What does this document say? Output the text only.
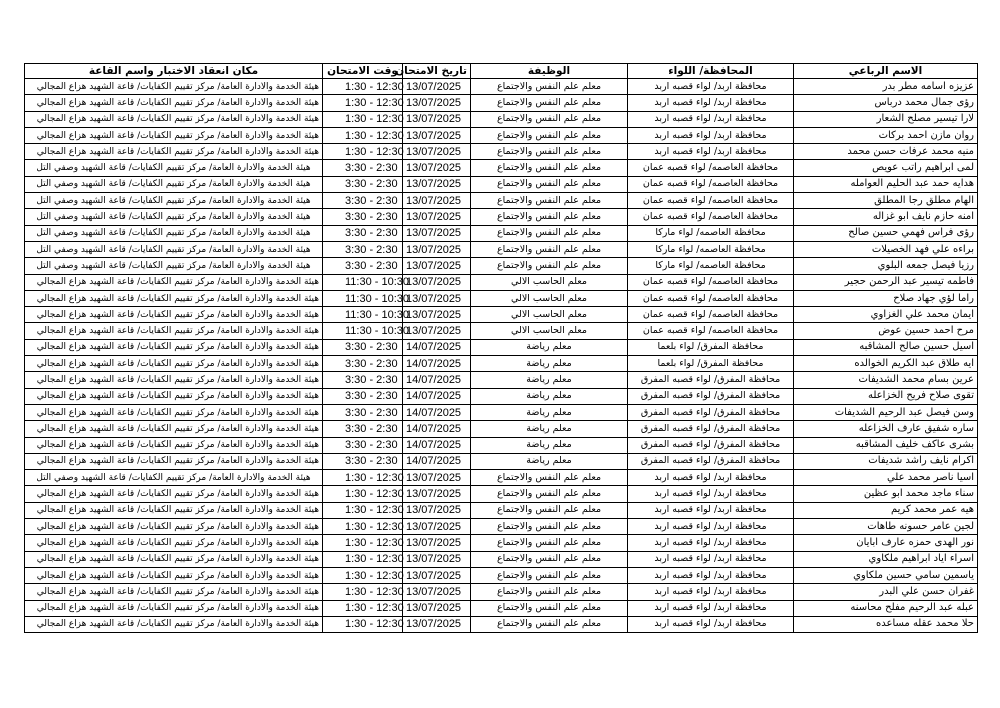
الاسم الرباعي	المحافظة/ اللواء	الوظيفة	تاريخ الامتحان	وقت الامتحان	مكان انعقاد الاختبار واسم القاعة
عزيزه اسامه مطر بدر	محافظة اربد/ لواء قصبه اربد	معلم علم النفس والاجتماع	13/07/2025	1:30 - 12:30	هيئة الخدمة والادارة العامة/ مركز تقييم الكفايات/ قاعة الشهيد هزاع المجالي
رؤى جمال محمد درباس	محافظة اربد/ لواء قصبه اربد	معلم علم النفس والاجتماع	13/07/2025	1:30 - 12:30	هيئة الخدمة والادارة العامة/ مركز تقييم الكفايات/ قاعة الشهيد هزاع المجالي
لارا تيسير مصلح الشعار	محافظة اربد/ لواء قصبه اربد	معلم علم النفس والاجتماع	13/07/2025	1:30 - 12:30	هيئة الخدمة والادارة العامة/ مركز تقييم الكفايات/ قاعة الشهيد هزاع المجالي
روان مازن احمد بركات	محافظة اربد/ لواء قصبه اربد	معلم علم النفس والاجتماع	13/07/2025	1:30 - 12:30	هيئة الخدمة والادارة العامة/ مركز تقييم الكفايات/ قاعة الشهيد هزاع المجالي
منيه محمد عرفات حسن محمد	محافظة اربد/ لواء قصبه اربد	معلم علم النفس والاجتماع	13/07/2025	1:30 - 12:30	هيئة الخدمة والادارة العامة/ مركز تقييم الكفايات/ قاعة الشهيد هزاع المجالي
لمى ابراهيم راتب عويص	محافظة العاصمه/ لواء قصبه عمان	معلم علم النفس والاجتماع	13/07/2025	3:30 - 2:30	هيئة الخدمة والادارة العامة/ مركز تقييم الكفايات/ قاعة الشهيد وصفي التل
هدايه حمد عبد الحليم العوامله	محافظة العاصمه/ لواء قصبه عمان	معلم علم النفس والاجتماع	13/07/2025	3:30 - 2:30	هيئة الخدمة والادارة العامة/ مركز تقييم الكفايات/ قاعة الشهيد وصفي التل
الهام مطلق رجا المطلق	محافظة العاصمه/ لواء قصبه عمان	معلم علم النفس والاجتماع	13/07/2025	3:30 - 2:30	هيئة الخدمة والادارة العامة/ مركز تقييم الكفايات/ قاعة الشهيد وصفي التل
امنه حازم نايف ابو غزاله	محافظة العاصمه/ لواء قصبه عمان	معلم علم النفس والاجتماع	13/07/2025	3:30 - 2:30	هيئة الخدمة والادارة العامة/ مركز تقييم الكفايات/ قاعة الشهيد وصفي التل
رؤى فراس فهمي حسين صالح	محافظة العاصمه/ لواء ماركا	معلم علم النفس والاجتماع	13/07/2025	3:30 - 2:30	هيئة الخدمة والادارة العامة/ مركز تقييم الكفايات/ قاعة الشهيد وصفي التل
براءه علي فهد الخصيلات	محافظة العاصمه/ لواء ماركا	معلم علم النفس والاجتماع	13/07/2025	3:30 - 2:30	هيئة الخدمة والادارة العامة/ مركز تقييم الكفايات/ قاعة الشهيد وصفي التل
رزيا فيصل جمعه البلوي	محافظة العاصمه/ لواء ماركا	معلم علم النفس والاجتماع	13/07/2025	3:30 - 2:30	هيئة الخدمة والادارة العامة/ مركز تقييم الكفايات/ قاعة الشهيد وصفي التل
فاطمه تيسير عبد الرحمن حجير	محافظة العاصمه/ لواء قصبه عمان	معلم الحاسب الالي	13/07/2025	11:30 - 10:30	هيئة الخدمة والادارة العامة/ مركز تقييم الكفايات/ قاعة الشهيد هزاع المجالي
راما لؤي جهاد صلاح	محافظة العاصمه/ لواء قصبه عمان	معلم الحاسب الالي	13/07/2025	11:30 - 10:30	هيئة الخدمة والادارة العامة/ مركز تقييم الكفايات/ قاعة الشهيد هزاع المجالي
ايمان محمد علي الغزاوي	محافظة العاصمه/ لواء قصبه عمان	معلم الحاسب الالي	13/07/2025	11:30 - 10:30	هيئة الخدمة والادارة العامة/ مركز تقييم الكفايات/ قاعة الشهيد هزاع المجالي
مرح احمد حسين عوض	محافظة العاصمه/ لواء قصبه عمان	معلم الحاسب الالي	13/07/2025	11:30 - 10:30	هيئة الخدمة والادارة العامة/ مركز تقييم الكفايات/ قاعة الشهيد هزاع المجالي
اسيل حسين صالح المشاقبه	محافظة المفرق/ لواء بلعما	معلم رياضة	14/07/2025	3:30 - 2:30	هيئة الخدمة والادارة العامة/ مركز تقييم الكفايات/ قاعة الشهيد هزاع المجالي
ايه طلاق عبد الكريم الخوالده	محافظة المفرق/ لواء بلعما	معلم رياضة	14/07/2025	3:30 - 2:30	هيئة الخدمة والادارة العامة/ مركز تقييم الكفايات/ قاعة الشهيد هزاع المجالي
عرين بسام محمد الشديفات	محافظة المفرق/ لواء قصبه المفرق	معلم رياضة	14/07/2025	3:30 - 2:30	هيئة الخدمة والادارة العامة/ مركز تقييم الكفايات/ قاعة الشهيد هزاع المجالي
تقوى صلاح فريح الخزاعله	محافظة المفرق/ لواء قصبه المفرق	معلم رياضة	14/07/2025	3:30 - 2:30	هيئة الخدمة والادارة العامة/ مركز تقييم الكفايات/ قاعة الشهيد هزاع المجالي
وسن فيصل عبد الرحيم الشديفات	محافظة المفرق/ لواء قصبه المفرق	معلم رياضة	14/07/2025	3:30 - 2:30	هيئة الخدمة والادارة العامة/ مركز تقييم الكفايات/ قاعة الشهيد هزاع المجالي
ساره شفيق عارف الخزاعله	محافظة المفرق/ لواء قصبه المفرق	معلم رياضة	14/07/2025	3:30 - 2:30	هيئة الخدمة والادارة العامة/ مركز تقييم الكفايات/ قاعة الشهيد هزاع المجالي
بشرى عاكف خليف المشاقبه	محافظة المفرق/ لواء قصبه المفرق	معلم رياضة	14/07/2025	3:30 - 2:30	هيئة الخدمة والادارة العامة/ مركز تقييم الكفايات/ قاعة الشهيد هزاع المجالي
اكرام نايف راشد شديفات	محافظة المفرق/ لواء قصبه المفرق	معلم رياضة	14/07/2025	3:30 - 2:30	هيئة الخدمة والادارة العامة/ مركز تقييم الكفايات/ قاعة الشهيد هزاع المجالي
اسيا ناصر محمد علي	محافظة اربد/ لواء قصبه اربد	معلم علم النفس والاجتماع	13/07/2025	1:30 - 12:30	هيئة الخدمة والادارة العامة/ مركز تقييم الكفايات/ قاعة الشهيد وصفي التل
سناء ماجد محمد ابو عظين	محافظة اربد/ لواء قصبه اربد	معلم علم النفس والاجتماع	13/07/2025	1:30 - 12:30	هيئة الخدمة والادارة العامة/ مركز تقييم الكفايات/ قاعة الشهيد هزاع المجالي
هيه عمر محمد كريم	محافظة اربد/ لواء قصبه اربد	معلم علم النفس والاجتماع	13/07/2025	1:30 - 12:30	هيئة الخدمة والادارة العامة/ مركز تقييم الكفايات/ قاعة الشهيد هزاع المجالي
لجين عامر حسونه طاهات	محافظة اربد/ لواء قصبه اربد	معلم علم النفس والاجتماع	13/07/2025	1:30 - 12:30	هيئة الخدمة والادارة العامة/ مركز تقييم الكفايات/ قاعة الشهيد هزاع المجالي
نور الهدى حمزه عارف ابايان	محافظة اربد/ لواء قصبه اربد	معلم علم النفس والاجتماع	13/07/2025	1:30 - 12:30	هيئة الخدمة والادارة العامة/ مركز تقييم الكفايات/ قاعة الشهيد هزاع المجالي
اسراء اياد ابراهيم ملكاوي	محافظة اربد/ لواء قصبه اربد	معلم علم النفس والاجتماع	13/07/2025	1:30 - 12:30	هيئة الخدمة والادارة العامة/ مركز تقييم الكفايات/ قاعة الشهيد هزاع المجالي
ياسمين سامي حسين ملكاوي	محافظة اربد/ لواء قصبه اربد	معلم علم النفس والاجتماع	13/07/2025	1:30 - 12:30	هيئة الخدمة والادارة العامة/ مركز تقييم الكفايات/ قاعة الشهيد هزاع المجالي
غفران حسن علي البدر	محافظة اربد/ لواء قصبه اربد	معلم علم النفس والاجتماع	13/07/2025	1:30 - 12:30	هيئة الخدمة والادارة العامة/ مركز تقييم الكفايات/ قاعة الشهيد هزاع المجالي
عبله عبد الرحيم مفلح محاسنه	محافظة اربد/ لواء قصبه اربد	معلم علم النفس والاجتماع	13/07/2025	1:30 - 12:30	هيئة الخدمة والادارة العامة/ مركز تقييم الكفايات/ قاعة الشهيد هزاع المجالي
حلا محمد عقله مساعده	محافظة اربد/ لواء قصبه اربد	معلم علم النفس والاجتماع	13/07/2025	1:30 - 12:30	هيئة الخدمة والادارة العامة/ مركز تقييم الكفايات/ قاعة الشهيد هزاع المجالي
